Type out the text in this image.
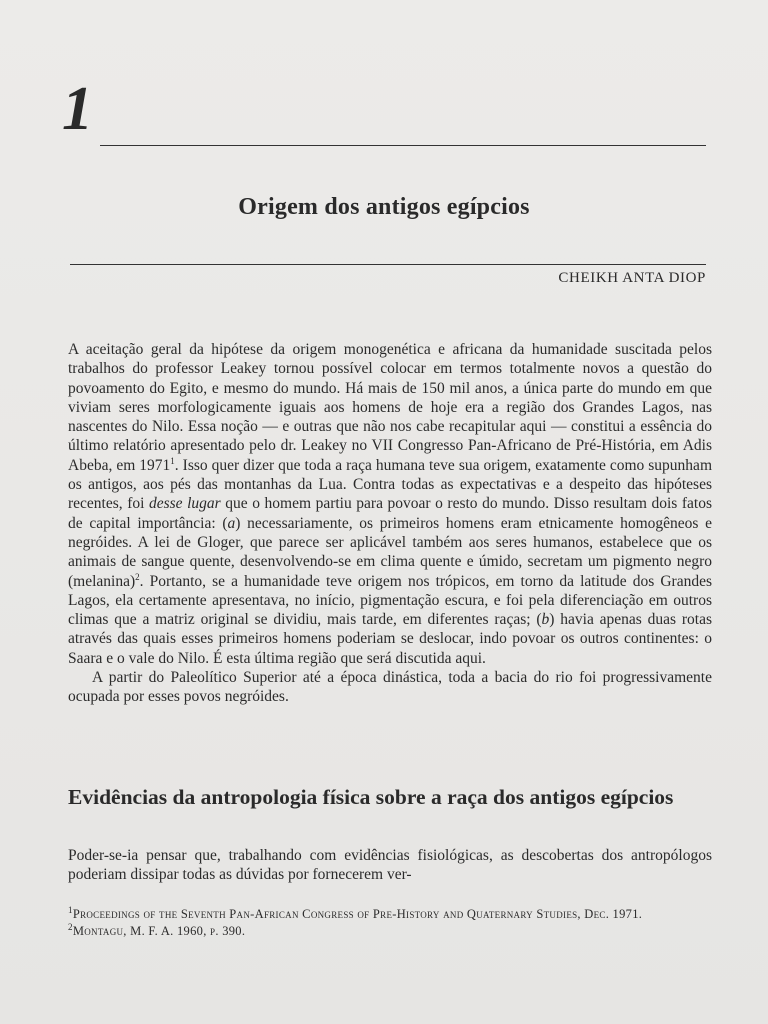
1
Origem dos antigos egípcios
CHEIKH ANTA DIOP

A aceitação geral da hipótese da origem monogenética e africana da humanidade suscitada pelos trabalhos do professor Leakey tornou possível colocar em termos totalmente novos a questão do povoamento do Egito, e mesmo do mundo. Há mais de 150 mil anos, a única parte do mundo em que viviam seres morfologicamente iguais aos homens de hoje era a região dos Grandes Lagos, nas nascentes do Nilo. Essa noção — e outras que não nos cabe recapitular aqui — constitui a essência do último relatório apresentado pelo dr. Leakey no VII Congresso Pan-Africano de Pré-História, em Adis Abeba, em 1971$^1$. Isso quer dizer que toda a raça humana teve sua origem, exatamente como supunham os antigos, aos pés das montanhas da Lua. Contra todas as expectativas e a despeito das hipóteses recentes, foi desse lugar que o homem partiu para povoar o resto do mundo. Disso resultam dois fatos de capital importância: (a) necessariamente, os primeiros homens eram etnicamente homogêneos e negróides. A lei de Gloger, que parece ser aplicável também aos seres humanos, estabelece que os animais de sangue quente, desenvolvendo-se em clima quente e úmido, secretam um pigmento negro (melanina)$^2$. Portanto, se a humanidade teve origem nos trópicos, em torno da latitude dos Grandes Lagos, ela certamente apresentava, no início, pigmentação escura, e foi pela diferenciação em outros climas que a matriz original se dividiu, mais tarde, em diferentes raças; (b) havia apenas duas rotas através das quais esses primeiros homens poderiam se deslocar, indo povoar os outros continentes: o Saara e o vale do Nilo. É esta última região que será discutida aqui.

A partir do Paleolítico Superior até a época dinástica, toda a bacia do rio foi progressivamente ocupada por esses povos negróides.

Evidências da antropologia física sobre a raça dos antigos egípcios

Poder-se-ia pensar que, trabalhando com evidências fisiológicas, as descobertas dos antropólogos poderiam dissipar todas as dúvidas por fornecerem ver-

$^1$Proceedings of the Seventh Pan-African Congress of Pre-History and Quaternary Studies, Dec. 1971.
$^2$Montagu, M. F. A. 1960, p. 390.
